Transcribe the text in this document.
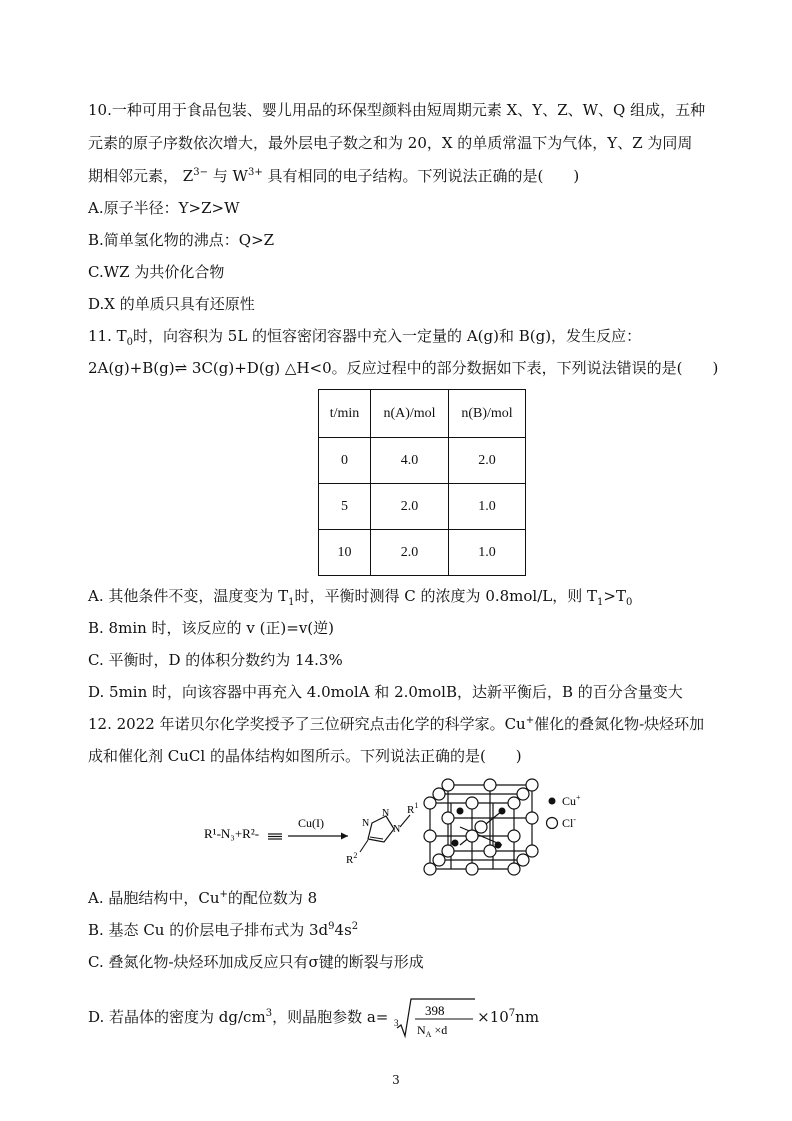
10.一种可用于食品包装、婴儿用品的环保型颜料由短周期元素 X、Y、Z、W、Q 组成，五种
元素的原子序数依次增大，最外层电子数之和为 20，X 的单质常温下为气体，Y、Z 为同周
期相邻元素， $Z^{3-}$ 与 $W^{3+}$ 具有相同的电子结构。下列说法正确的是(　　)
A.原子半径：Y>Z>W
B.简单氢化物的沸点：Q>Z
C.WZ 为共价化合物
D.X 的单质只具有还原性
11. $T_0$时，向容积为 5L 的恒容密闭容器中充入一定量的 A(g)和 B(g)，发生反应：
2A(g)+B(g)⇌ 3C(g)+D(g) △H<0。反应过程中的部分数据如下表，下列说法错误的是(　　)
t/min	n(A)/mol	n(B)/mol
0	4.0	2.0
5	2.0	1.0
10	2.0	1.0
A. 其他条件不变，温度变为 $T_1$时，平衡时测得 C 的浓度为 0.8mol/L，则 $T_1>T_0$
B. 8min 时，该反应的 v (正)=v(逆)
C. 平衡时，D 的体积分数约为 14.3%
D. 5min 时，向该容器中再充入 4.0molA 和 2.0molB，达新平衡后，B 的百分含量变大
12. 2022 年诺贝尔化学奖授予了三位研究点击化学的科学家。Cu+催化的叠氮化物-炔烃环加
成和催化剂 CuCl 的晶体结构如图所示。下列说法正确的是(　　)
R¹-N₃+R²-
Cu(I)	N
N
N
$R^1$
$R^2$
Cu+
Cl-
A. 晶胞结构中，Cu+的配位数为 8
B. 基态 Cu 的价层电子排布式为 $3d^94s^2$
C. 叠氮化物-炔烃环加成反应只有σ键的断裂与形成
D. 若晶体的密度为 $dg/cm^3$，则晶胞参数 a= 3
398
$N_A \times d$
$\times 10^7nm$
3
